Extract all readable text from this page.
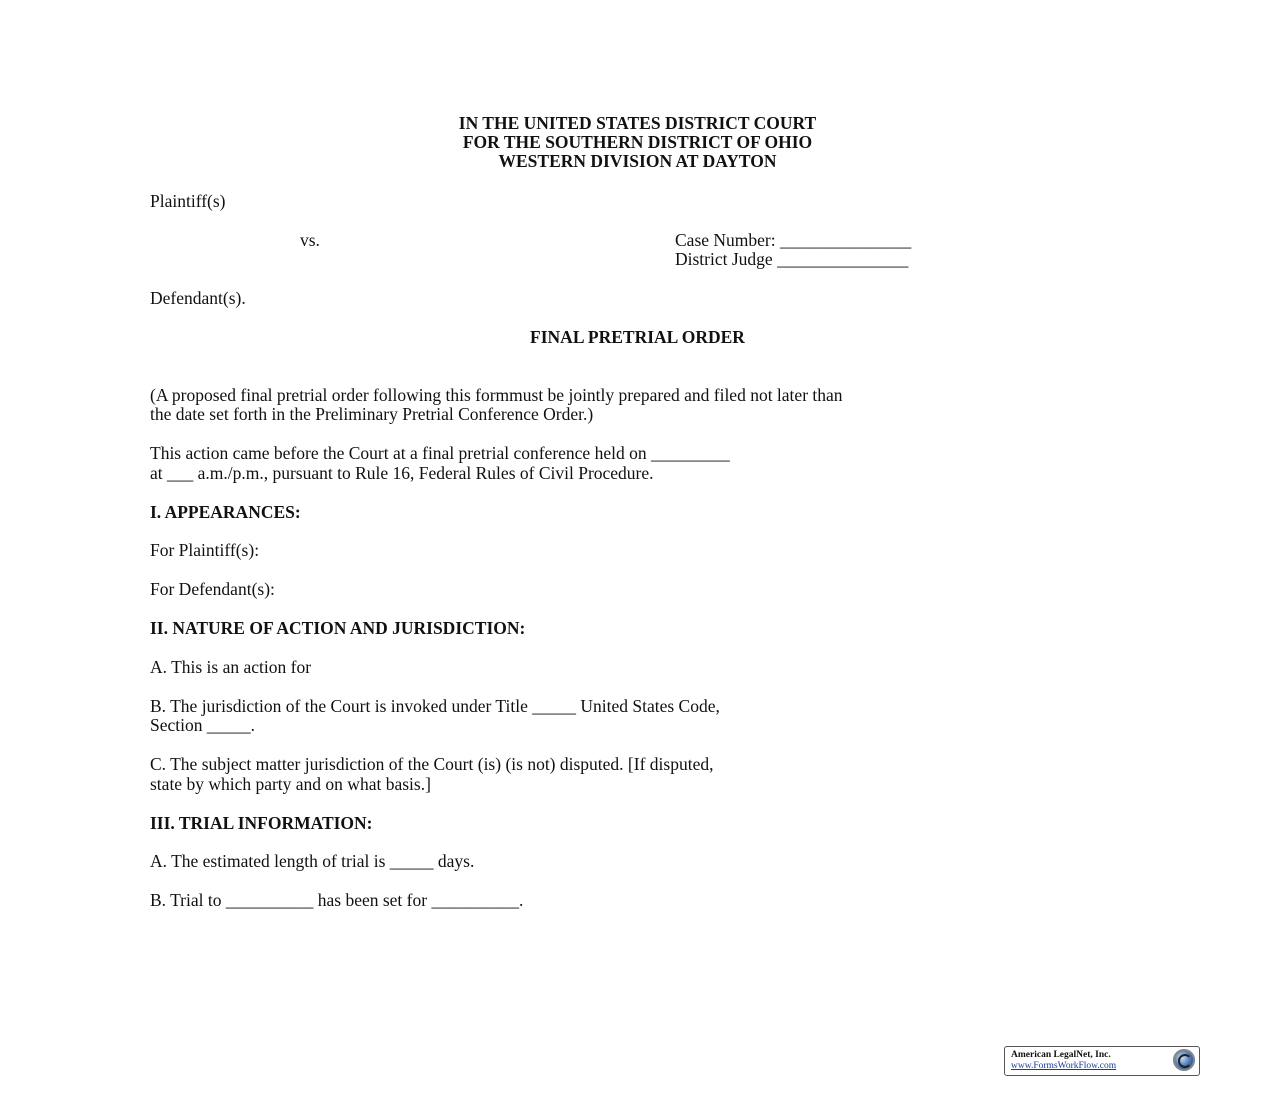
IN THE UNITED STATES DISTRICT COURT
FOR THE SOUTHERN DISTRICT OF OHIO
WESTERN DIVISION AT DAYTON
Plaintiff(s)
vs.	Case Number: _______________
District Judge _______________
Defendant(s).
FINAL PRETRIAL ORDER
(A proposed final pretrial order following this formmust be jointly prepared and filed not later than
the date set forth in the Preliminary Pretrial Conference Order.)
This action came before the Court at a final pretrial conference held on _________
at ___ a.m./p.m., pursuant to Rule 16, Federal Rules of Civil Procedure.
I. APPEARANCES:
For Plaintiff(s):
For Defendant(s):
II. NATURE OF ACTION AND JURISDICTION:
A. This is an action for
B. The jurisdiction of the Court is invoked under Title _____ United States Code,
Section _____.
C. The subject matter jurisdiction of the Court (is) (is not) disputed. [If disputed,
state by which party and on what basis.]
III. TRIAL INFORMATION:
A. The estimated length of trial is _____ days.
B. Trial to __________ has been set for __________.
American LegalNet, Inc.
www.FormsWorkFlow.com
